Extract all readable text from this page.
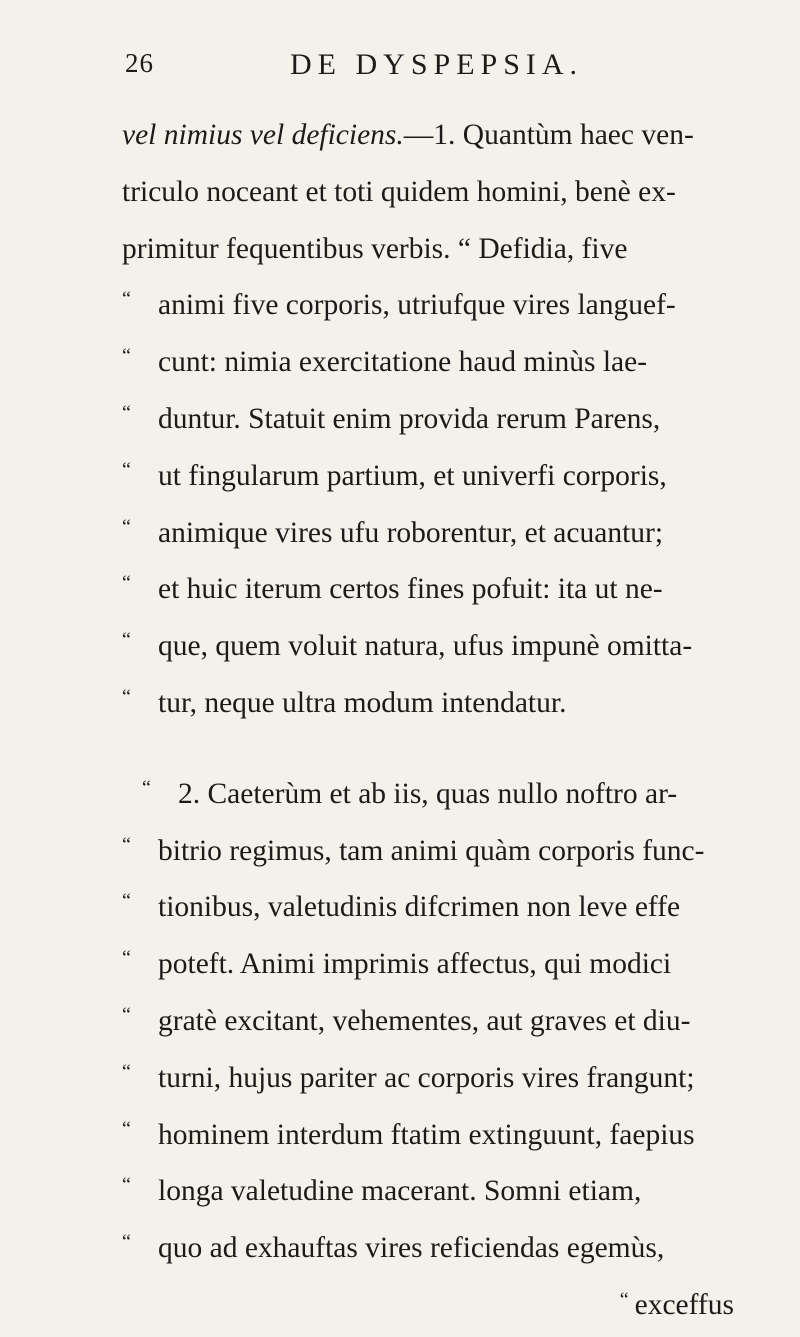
26	DE DYSPEPSIA.
vel nimius vel deficiens.—1. Quantùm haec ven-
triculo noceant et toti quidem homini, benè ex-
primitur fequentibus verbis. “ Defidia, five
“ animi five corporis, utriufque vires languef-
“ cunt: nimia exercitatione haud minùs lae-
“ duntur. Statuit enim provida rerum Parens,
“ ut fingularum partium, et univerfi corporis,
“ animique vires ufu roborentur, et acuantur;
“ et huic iterum certos fines pofuit: ita ut ne-
“ que, quem voluit natura, ufus impunè omitta-
“ tur, neque ultra modum intendatur.
“ 2. Caeterùm et ab iis, quas nullo noftro ar-
“ bitrio regimus, tam animi quàm corporis func-
“ tionibus, valetudinis difcrimen non leve effe
“ poteft. Animi imprimis affectus, qui modici
“ gratè excitant, vehementes, aut graves et diu-
“ turni, hujus pariter ac corporis vires frangunt;
“ hominem interdum ftatim extinguunt, faepius
“ longa valetudine macerant. Somni etiam,
“ quo ad exhauftas vires reficiendas egemùs,
“ exceffus
